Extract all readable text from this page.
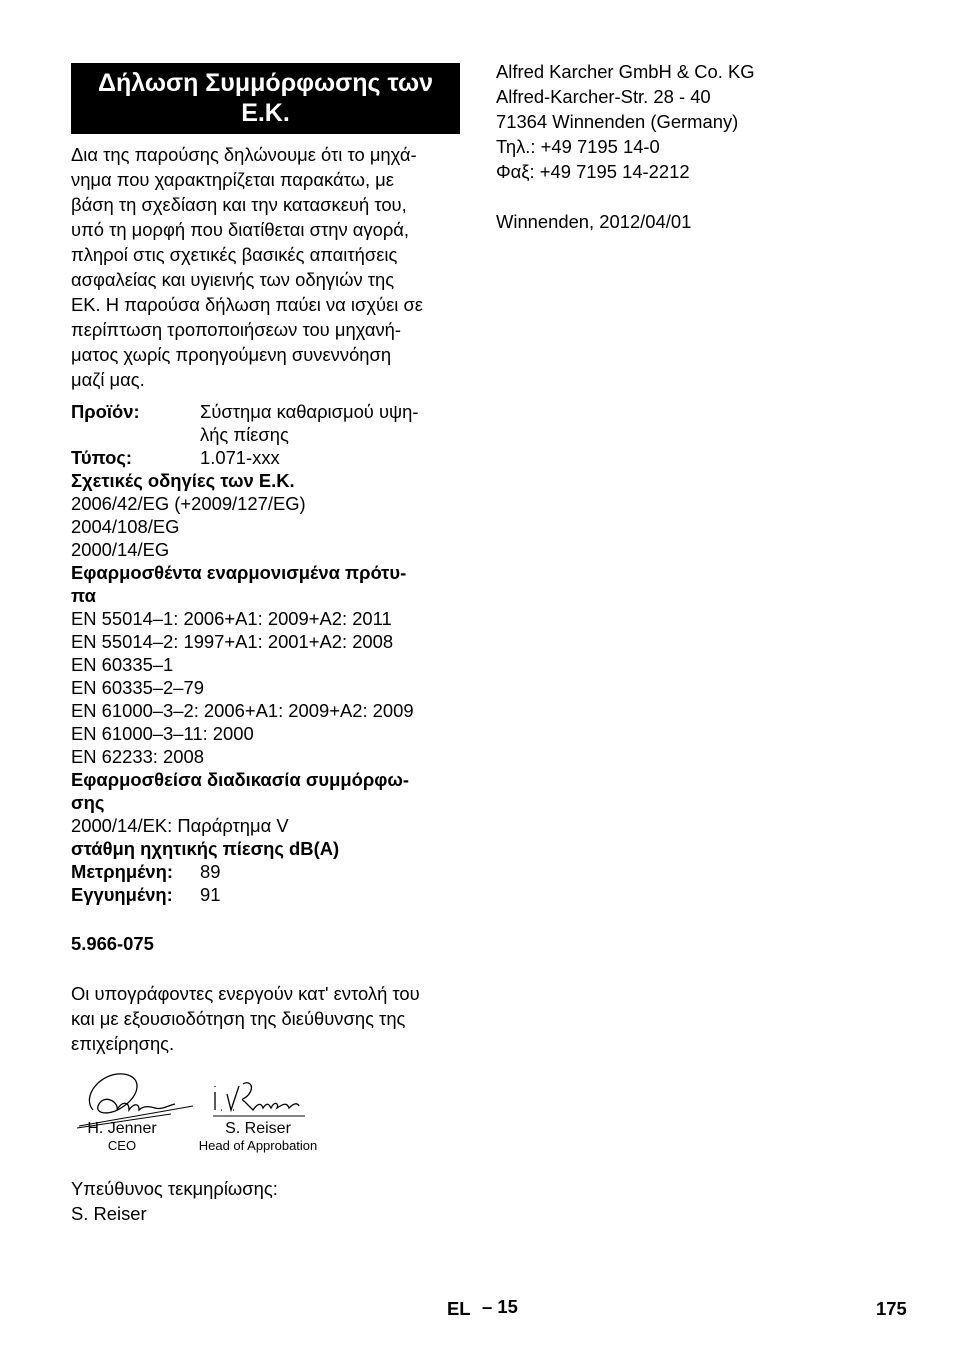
Δήλωση Συμμόρφωσης των Ε.Κ.
Δια της παρούσης δηλώνουμε ότι το μηχά-
νημα που χαρακτηρίζεται παρακάτω, με
βάση τη σχεδίαση και την κατασκευή του,
υπό τη μορφή που διατίθεται στην αγορά,
πληροί στις σχετικές βασικές απαιτήσεις
ασφαλείας και υγιεινής των οδηγιών της
ΕΚ. Η παρούσα δήλωση παύει να ισχύει σε
περίπτωση τροποποιήσεων του μηχανή-
ματος χωρίς προηγούμενη συνεννόηση
μαζί μας.
Προϊόν:	Σύστημα καθαρισμού υψη-
λής πίεσης
Τύπος:	1.071-xxx
Σχετικές οδηγίες των Ε.Κ.
2006/42/EG (+2009/127/EG)
2004/108/EG
2000/14/EG
Εφαρμοσθέντα εναρμονισμένα πρότυ-
πα
EN 55014–1: 2006+A1: 2009+A2: 2011
EN 55014–2: 1997+A1: 2001+A2: 2008
EN 60335–1
EN 60335–2–79
EN 61000–3–2: 2006+A1: 2009+A2: 2009
EN 61000–3–11: 2000
EN 62233: 2008
Εφαρμοσθείσα διαδικασία συμμόρφω-
σης
2000/14/ΕΚ: Παράρτημα V
στάθμη ηχητικής πίεσης dB(A)
Μετρημένη:	89
Εγγυημένη:	91
5.966-075
Οι υπογράφοντες ενεργούν κατ' εντολή του
και με εξουσιοδότηση της διεύθυνσης της
επιχείρησης.
H. Jenner
CEO
S. Reiser
Head of Approbation
Υπεύθυνος τεκμηρίωσης:
S. Reiser
Alfred Karcher GmbH & Co. KG
Alfred-Karcher-Str. 28 - 40
71364 Winnenden (Germany)
Τηλ.: +49 7195 14-0
Φαξ: +49 7195 14-2212
Winnenden, 2012/04/01
EL – 15	175
